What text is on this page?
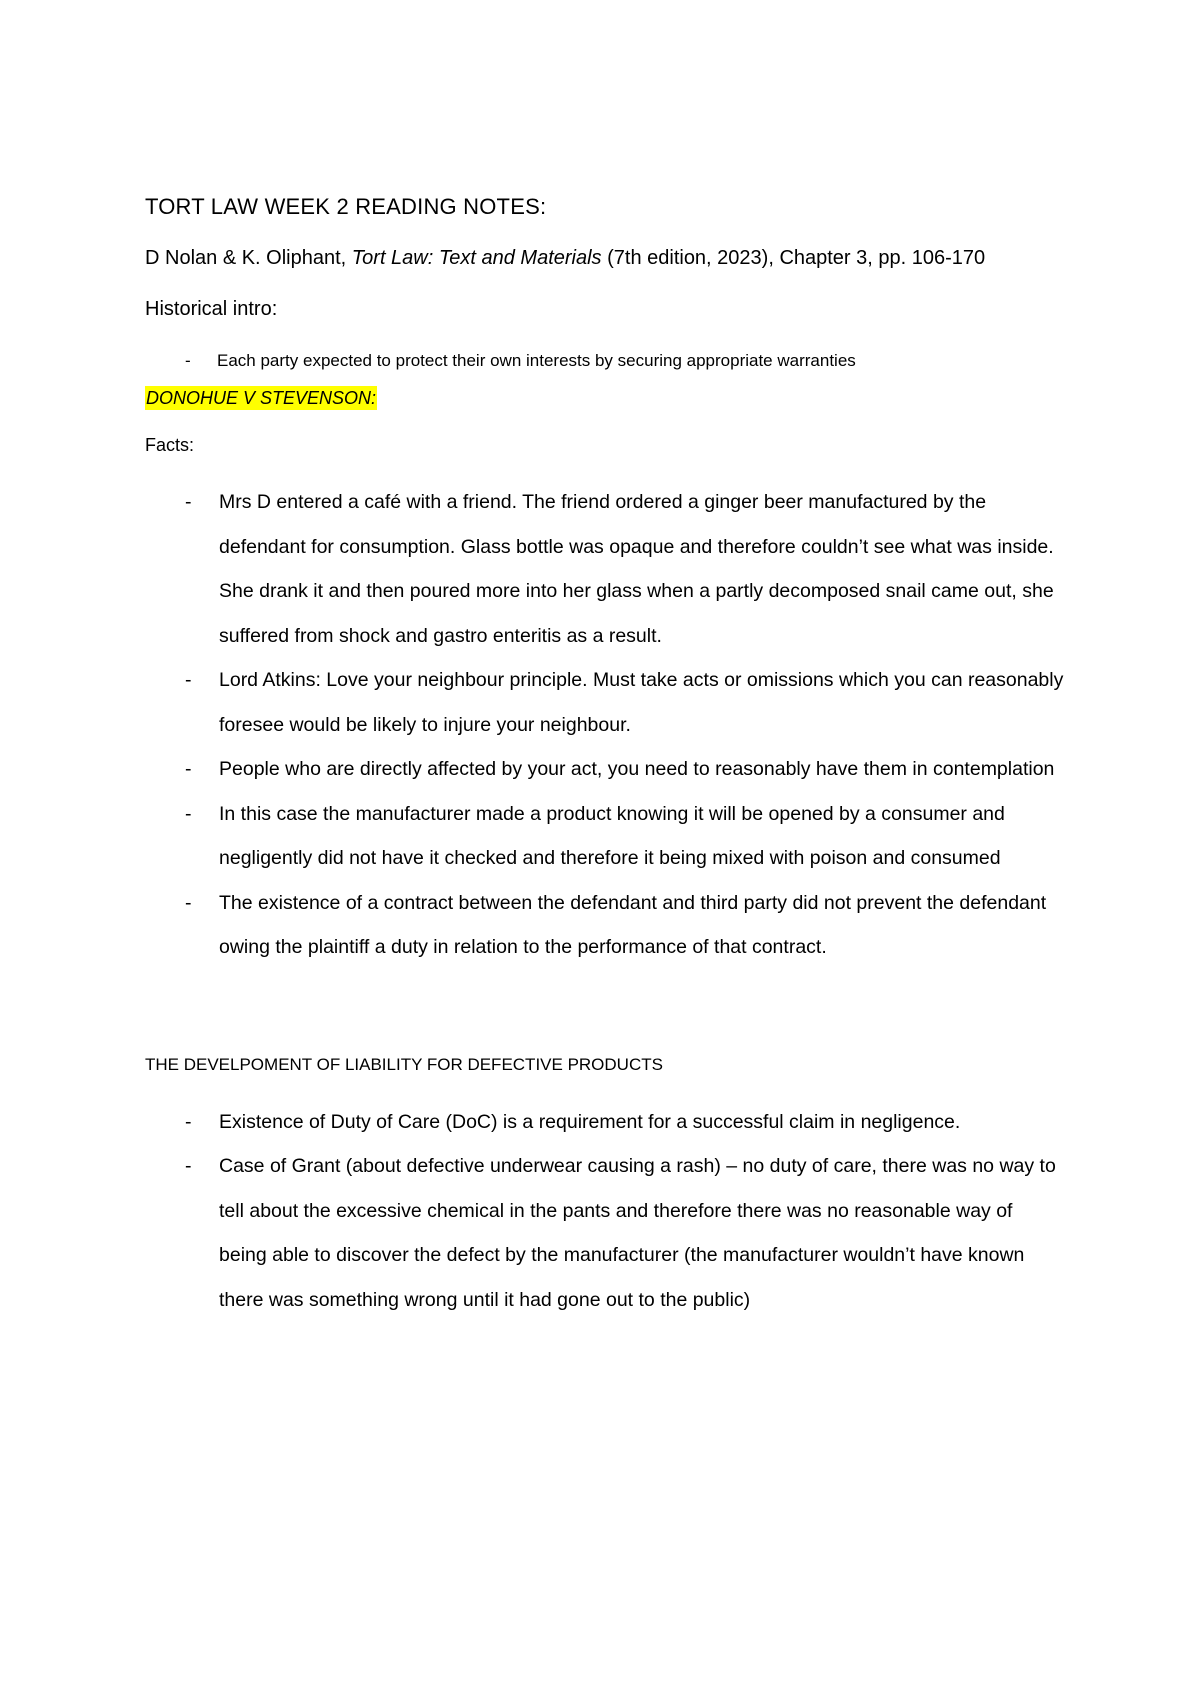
TORT LAW WEEK 2 READING NOTES:

D Nolan & K. Oliphant, Tort Law: Text and Materials (7th edition, 2023), Chapter 3, pp. 106-170

Historical intro:

- Each party expected to protect their own interests by securing appropriate warranties
DONOHUE V STEVENSON:

Facts:

- Mrs D entered a café with a friend. The friend ordered a ginger beer manufactured by the defendant for consumption. Glass bottle was opaque and therefore couldn’t see what was inside. She drank it and then poured more into her glass when a partly decomposed snail came out, she suffered from shock and gastro enteritis as a result.
- Lord Atkins: Love your neighbour principle. Must take acts or omissions which you can reasonably foresee would be likely to injure your neighbour.
- People who are directly affected by your act, you need to reasonably have them in contemplation
- In this case the manufacturer made a product knowing it will be opened by a consumer and negligently did not have it checked and therefore it being mixed with poison and consumed
- The existence of a contract between the defendant and third party did not prevent the defendant owing the plaintiff a duty in relation to the performance of that contract.

THE DEVELPOMENT OF LIABILITY FOR DEFECTIVE PRODUCTS

- Existence of Duty of Care (DoC) is a requirement for a successful claim in negligence.
- Case of Grant (about defective underwear causing a rash) – no duty of care, there was no way to tell about the excessive chemical in the pants and therefore there was no reasonable way of being able to discover the defect by the manufacturer (the manufacturer wouldn’t have known there was something wrong until it had gone out to the public)
